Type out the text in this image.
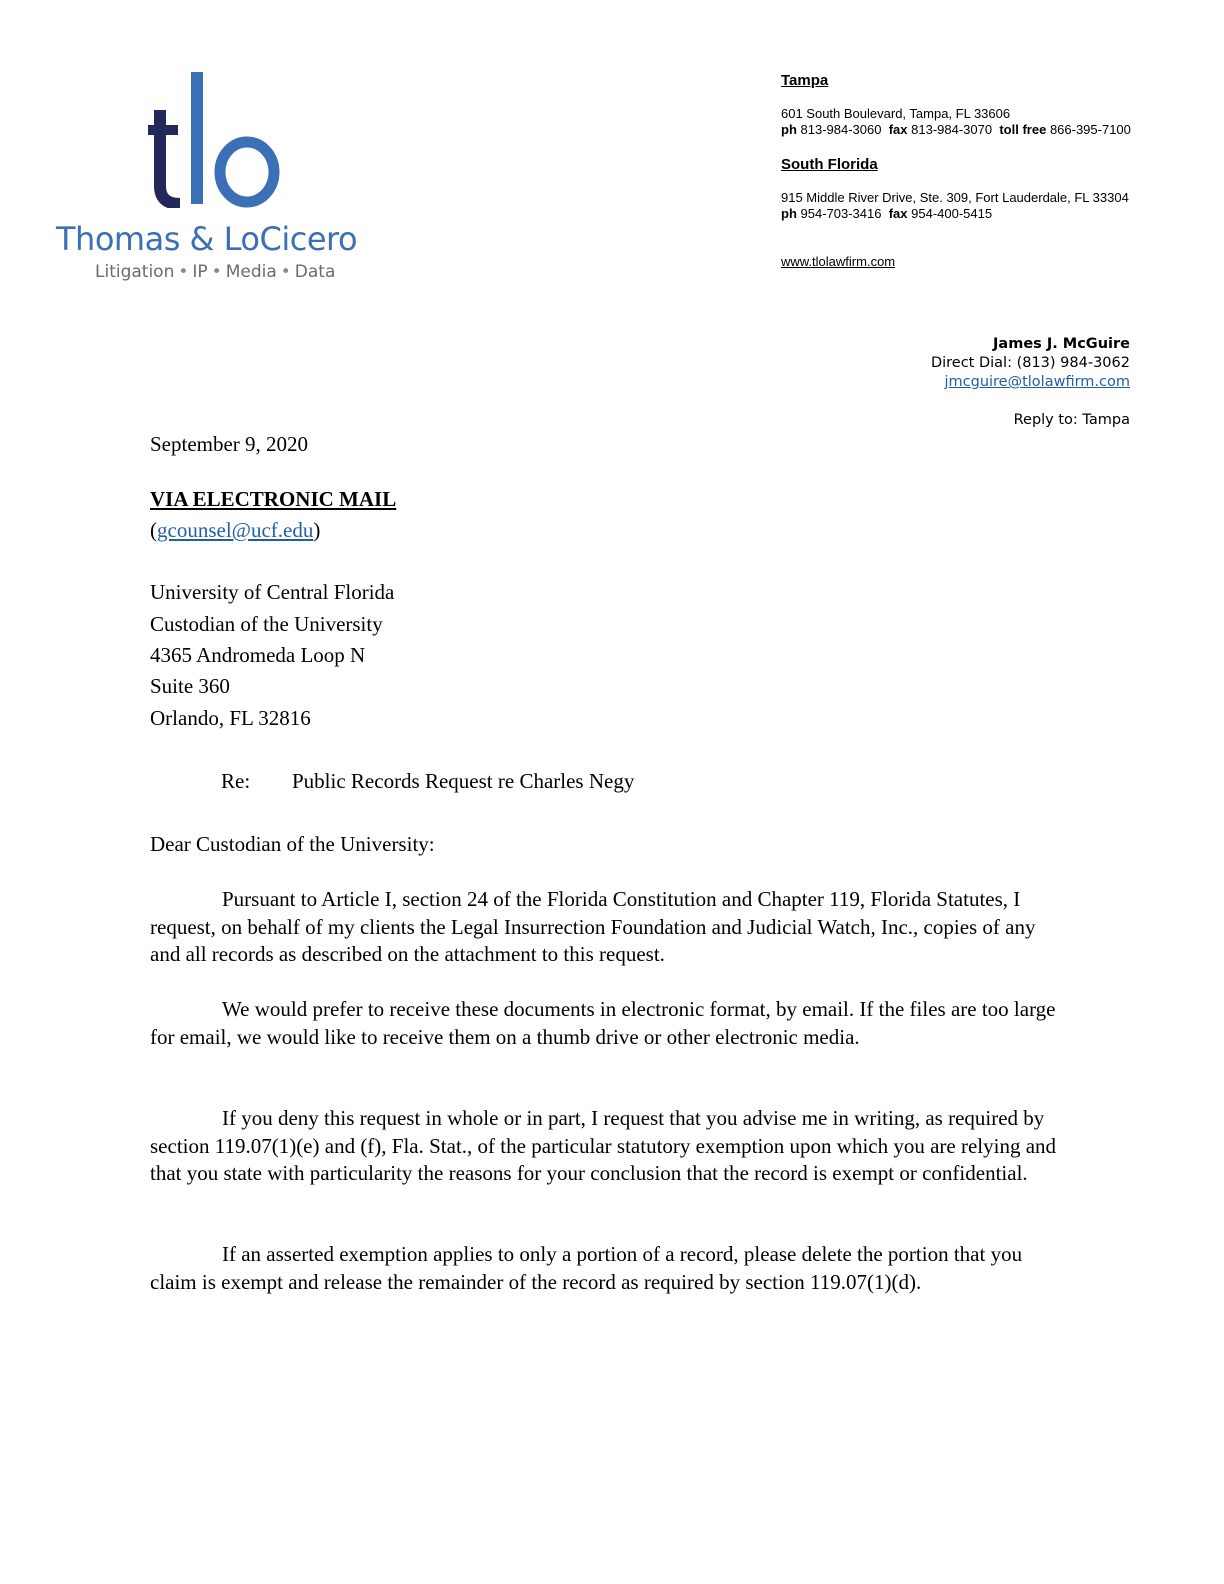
tlo
Thomas & LoCicero
Litigation • IP • Media • Data
Tampa
601 South Boulevard, Tampa, FL 33606
ph 813-984-3060 fax 813-984-3070 toll free 866-395-7100
South Florida
915 Middle River Drive, Ste. 309, Fort Lauderdale, FL 33304
ph 954-703-3416 fax 954-400-5415
www.tlolawfirm.com
James J. McGuire
Direct Dial: (813) 984-3062
jmcguire@tlolawfirm.com
Reply to: Tampa
September 9, 2020
VIA ELECTRONIC MAIL
(gcounsel@ucf.edu)
University of Central Florida
Custodian of the University
4365 Andromeda Loop N
Suite 360
Orlando, FL 32816
Re: Public Records Request re Charles Negy
Dear Custodian of the University:
Pursuant to Article I, section 24 of the Florida Constitution and Chapter 119, Florida Statutes, I request, on behalf of my clients the Legal Insurrection Foundation and Judicial Watch, Inc., copies of any and all records as described on the attachment to this request.
We would prefer to receive these documents in electronic format, by email. If the files are too large for email, we would like to receive them on a thumb drive or other electronic media.
If you deny this request in whole or in part, I request that you advise me in writing, as required by section 119.07(1)(e) and (f), Fla. Stat., of the particular statutory exemption upon which you are relying and that you state with particularity the reasons for your conclusion that the record is exempt or confidential.
If an asserted exemption applies to only a portion of a record, please delete the portion that you claim is exempt and release the remainder of the record as required by section 119.07(1)(d).
